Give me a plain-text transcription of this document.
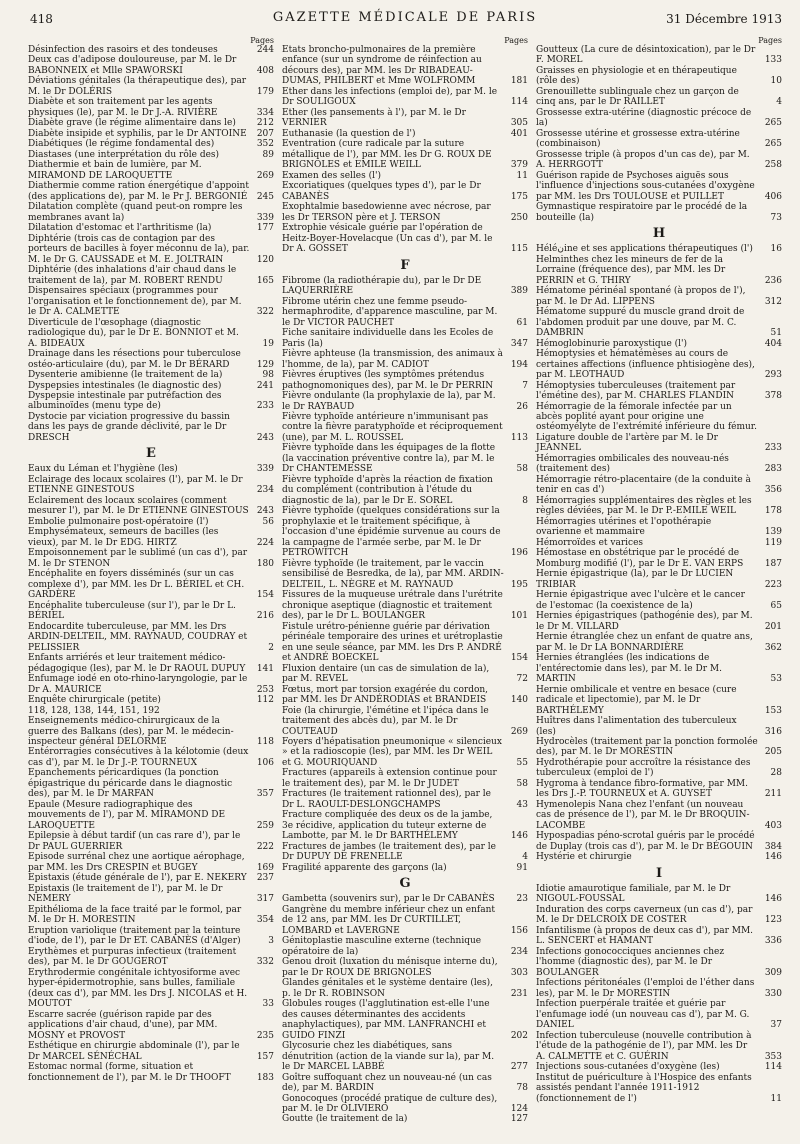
418	GAZETTE MÉDICALE DE PARIS	31 Décembre 1913
Pages
Désinfection des rasoirs et des tondeuses	244
Deux cas d'adipose douloureuse, par M. le Dr BABONNEIX et Mlle SPAWORSKI	408
Déviations génitales (la thérapeutique des), par M. le Dr DOLÉRIS	179
Diabète et son traitement par les agents physiques (le), par M. le Dr J.-A. RIVIÈRE	334
Diabète grave (le régime alimentaire dans le)	212
Diabète insipide et syphilis, par le Dr ANTOINE	207
Diabétiques (le régime fondamental des)	352
Diastases (une interprétation du rôle des)	89
Diathermie et bain de lumière, par M. MIRAMOND DE LAROQUETTE	269
Diathermie comme ration énergétique d'appoint (des applications de), par M. le Pr J. BERGONIÉ	245
Dilatation complète (quand peut-on rompre les membranes avant la)	339
Dilatation d'estomac et l'arthritisme (la)	177
Diphtérie (trois cas de contagion par des porteurs de bacilles à foyer méconnu de la), par. M. le Dr G. CAUSSADE et M. E. JOLTRAIN	120
Diphtérie (des inhalations d'air chaud dans le traitement de la), par M. ROBERT RENDU	165
Dispensaires spéciaux (programmes pour l'organisation et le fonctionnement de), par M. le Dr A. CALMETTE	322
Diverticule de l'œsophage (diagnostic radiologique du), par le Dr E. BONNIOT et M. A. BIDEAUX	19
Drainage dans les résections pour tuberculose ostéo-articulaire (du), par M. le Dr BÉRARD	129
Dysenterie amibienne (le traitement de la)	98
Dyspepsies intestinales (le diagnostic des)	241
Dyspepsie intestinale par putréfaction des albuminoïdes (menu type de)	233
Dystocie par viciation progressive du bassin dans les pays de grande déclivité, par le Dr DRESCH	243
E
Eaux du Léman et l'hygiène (les)	339
Eclairage des locaux scolaires (l'), par M. le Dr ETIENNE GINESTOUS	234
Eclairement des locaux scolaires (comment mesurer l'), par M. le Dr ETIENNE GINESTOUS 243
Embolie pulmonaire post-opératoire (l')	56
Emphysémateux, semeurs de bacilles (les vieux), par M. le Dr EDG. HIRTZ	224
Empoisonnement par le sublimé (un cas d'), par M. le Dr STENON	180
Encéphalite en foyers disséminés (sur un cas complexe d'), par MM. les Dr L. BÉRIEL et CH. GARDÈRE	154
Encéphalite tuberculeuse (sur l'), par le Dr L. BÉRIEL	216
Endocardite tuberculeuse, par MM. les Drs ARDIN-DELTEIL, MM. RAYNAUD, COUDRAY et PELISSIER	2
Enfants arriérés et leur traitement médico-pédagogique (les), par M. le Dr RAOUL DUPUY	141
Enfumage iodé en oto-rhino-laryngologie, par le Dr A. MAURICE	253
Enquête chirurgicale (petite)	112
118, 128, 138, 144, 151, 192
Enseignements médico-chirurgicaux de la guerre des Balkans (des), par M. le médecin-inspecteur général DELORME	118
Entérorragies consécutives à la kélotomie (deux cas d'), par M. le Dr J.-P. TOURNEUX	106
Epanchements péricardiques (la ponction épigastrique du péricarde dans le diagnostic des), par M. le Dr MARFAN	357
Epaule (Mesure radiographique des mouvements de l'), par M. MIRAMOND DE LAROQUETTE	259
Epilepsie à début tardif (un cas rare d'), par le Dr PAUL GUERRIER	222
Episode surrénal chez une aortique aérophage, par MM. les Drs CRESPIN et BUGEY	169
Epistaxis (étude générale de l'), par E. NEKERY	237
Epistaxis (le traitement de l'), par M. le Dr NEMERY	317
Epithélioma de la face traité par le formol, par M. le Dr H. MORESTIN	354
Eruption variolique (traitement par la teinture d'iode, de l'), par le Dr ET. CABANÈS (d'Alger)	3
Erythèmes et purpuras infectieux (traitement des), par M. le Dr GOUGEROT	332
Erythrodermie congénitale ichtyosiforme avec hyper-épidermotrophie, sans bulles, familiale (deux cas d'), par MM. les Drs J. NICOLAS et H. MOUTOT	33
Escarre sacrée (guérison rapide par des applications d'air chaud, d'une), par MM. MOSNY et PROVOST	235
Esthétique en chirurgie abdominale (l'), par le Dr MARCEL SÉNÉCHAL	157
Estomac normal (forme, situation et fonctionnement de l'), par M. le Dr THOOFT	183
Pages
Etats broncho-pulmonaires de la première enfance (sur un syndrome de réinfection au décours des), par MM. les Dr RIBADEAU-DUMAS, PHILBERT et Mme WOLFROMM	181
Ether dans les infections (emploi de), par M. le Dr SOULIGOUX	114
Ether (les pansements à l'), par M. le Dr VERNIER	305
Euthanasie (la question de l')	401
Eventration (cure radicale par la suture métallique de l'), par MM. les Dr G. ROUX DE BRIGNOLES et EMILE WEILL	379
Examen des selles (l')	11
Excoriatiques (quelques types d'), par le Dr CABANÈS	175
Exophtalmie basedowienne avec nécrose, par les Dr TERSON père et J. TERSON	250
Extrophie vésicale guérie par l'opération de Heitz-Boyer-Hovelacque (Un cas d'), par M. le Dr A. GOSSET	115
F
Fibrome (la radiothérapie du), par le Dr DE LAQUERRIÈRE	389
Fibrome utérin chez une femme pseudo-hermaphrodite, d'apparence masculine, par M. le Dr VICTOR PAUCHET	61
Fiche sanitaire individuelle dans les Ecoles de Paris (la)	347
Fièvre aphteuse (la transmission, des animaux à l'homme, de la), par M. CADIOT	194
Fièvres éruptives (les symptômes prétendus pathognomoniques des), par M. le Dr PERRIN	7
Fièvre ondulante (la prophylaxie de la), par M. le Dr RAYBAUD	26
Fièvre typhoïde antérieure n'immunisant pas contre la fièvre paratyphoïde et réciproquement (une), par M. L. ROUSSEL	113
Fièvre typhoïde dans les équipages de la flotte (la vaccination préventive contre la), par M. le Dr CHANTEMESSE	58
Fièvre typhoïde d'après la réaction de fixation du complément (contribution à l'étude du diagnostic de la), par le Dr E. SOREL	8
Fièvre typhoïde (quelques considérations sur la prophylaxie et le traitement spécifique, à l'occasion d'une épidémie survenue au cours de la campagne de l'armée serbe, par M. le Dr PETROWITCH	196
Fièvre typhoïde (le traitement, par le vaccin sensibilisé de Besredka, de la), par MM. ARDIN-DELTEIL, L. NÈGRE et M. RAYNAUD	195
Fissures de la muqueuse urétrale dans l'urétrite chronique aseptique (diagnostic et traitement des), par le Dr L. BOULANGER	101
Fistule urétro-pénienne guérie par dérivation périnéale temporaire des urines et urétroplastie en une seule séance, par MM. les Drs P. ANDRÉ et ANDRÉ BOECKEL	154
Fluxion dentaire (un cas de simulation de la), par M. REVEL	72
Fœtus, mort par torsion exagérée du cordon, par MM. les Dr ANDÉRODIAS et BRANDEIS	140
Foie (la chirurgie, l'émétine et l'ipéca dans le traitement des abcès du), par M. le Dr COUTEAUD	269
Foyers d'hépatisation pneumonique « silencieux » et la radioscopie (les), par MM. les Dr WEIL et G. MOURIQUAND	55
Fractures (appareils à extension continue pour le traitement des), par M. le Dr JUDET	58
Fractures (le traitement rationnel des), par le Dr L. RAOULT-DESLONGCHAMPS	43
Fracture compliquée des deux os de la jambe, 3e récidive, application du tuteur externe de Lambotte, par M. le Dr BARTHÉLEMY	146
Fractures de jambes (le traitement des), par le Dr DUPUY DE FRENELLE	4
Fragilité apparente des garçons (la)	91
G
Gambetta (souvenirs sur), par le Dr CABANÈS	23
Gangrène du membre inférieur chez un enfant de 12 ans, par MM. les Dr CURTILLET, LOMBARD et LAVERGNE	156
Génitoplastie masculine externe (technique opératoire de la)	234
Genou droit (luxation du ménisque interne du), par le Dr ROUX DE BRIGNOLES	303
Glandes génitales et le système dentaire (les), p. le Dr R. ROBINSON	231
Globules rouges (l'agglutination est-elle l'une des causes déterminantes des accidents anaphylactiques), par MM. LANFRANCHI et GUIDO FINZI	202
Glycosurie chez les diabétiques, sans dénutrition (action de la viande sur la), par M. le Dr MARCEL LABBÉ	277
Goître suffoquant chez un nouveau-né (un cas de), par M. BARDIN	78
Gonocoques (procédé pratique de culture des), par M. le Dr OLIVIERO	124
Goutte (le traitement de la)	127
Pages
Goutteux (La cure de désintoxication), par le Dr F. MOREL	133
Graisses en physiologie et en thérapeutique (rôle des)	10
Grenouillette sublinguale chez un garçon de cinq ans, par le Dr RAILLET	4
Grossesse extra-utérine (diagnostic précoce de la)	265
Grossesse utérine et grossesse extra-utérine (combinaison)	265
Grossesse triple (à propos d'un cas de), par M. A. HERRGOTT	258
Guérison rapide de Psychoses aiguës sous l'influence d'injections sous-cutanées d'oxygène par MM. les Drs TOULOUSE et PUILLET	406
Gymnastique respiratoire par le procédé de la bouteille (la)	73
H
Héléنine et ses applications thérapeutiques (l')	16
Helminthes chez les mineurs de fer de la Lorraine (fréquence des), par MM. les Dr PERRIN et G. THIRY	236
Hématome périnéal spontané (à propos de l'), par M. le Dr Ad. LIPPENS	312
Hématome suppuré du muscle grand droit de l'abdomen produit par une douve, par M. C. DAMBRIN	51
Hémoglobinurie paroxystique (l')	404
Hémoptysies et hématémèses au cours de certaines affections (influence phtisiogène des), par M. LEOTHAUD	293
Hémoptysies tuberculeuses (traitement par l'émétine des), par M. CHARLES FLANDIN	378
Hémorragie de la fémorale infectée par un abcès poplité ayant pour origine une ostéomyélyte de l'extrémité inférieure du fémur. Ligature double de l'artère par M. le Dr JEANNEL	233
Hémorragies ombilicales des nouveau-nés (traitement des)	283
Hémorragie rétro-placentaire (de la conduite à tenir en cas d')	356
Hémorragies supplémentaires des règles et les règles déviées, par M. le Dr P.-EMILE WEIL	178
Hémorragies utérines et l'opothérapie ovarienne et mammaire	139
Hémorroïdes et varices	119
Hémostase en obstétrique par le procédé de Momburg modifié (l'), par le Dr E. VAN ERPS	187
Hernie épigastrique (la), par le Dr LUCIEN TRIBIAR	223
Hernie épigastrique avec l'ulcère et le cancer de l'estomac (la coexistence de la)	65
Hernies épigastriques (pathogénie des), par M. le Dr M. VILLARD	201
Hernie étranglée chez un enfant de quatre ans, par M. le Dr LA BONNARDIÈRE	362
Hernies étranglées (les indications de l'entérectomie dans les), par M. le Dr M. MARTIN	53
Hernie ombilicale et ventre en besace (cure radicale et lipectomie), par M. le Dr BARTHÉLEMY	153
Huîtres dans l'alimentation des tuberculeux (les)	316
Hydrocèles (traitement par la ponction formolée des), par M. le Dr MORESTIN	205
Hydrothérapie pour accroître la résistance des tuberculeux (emploi de l')	28
Hygroma à tendance fibro-formative, par MM. les Drs J.-P. TOURNEUX et A. GUYSET	211
Hymenolepis Nana chez l'enfant (un nouveau cas de présence de l'), par M. le Dr BROQUIN-LACOMBE	403
Hypospadias péno-scrotal guéris par le procédé de Duplay (trois cas d'), par M. le Dr BÉGOUIN	384
Hystérie et chirurgie	146
I
Idiotie amaurotique familiale, par M. le Dr NIGOUL-FOUSSAL	146
Induration des corps caverneux (un cas d'), par M. le Dr DELCROIX DE COSTER	123
Infantilisme (à propos de deux cas d'), par MM. L. SENCERT et HAMANT	336
Infections gonococciques anciennes chez l'homme (diagnostic des), par M. le Dr BOULANGER	309
Infections péritonéales (l'emploi de l'éther dans les), par M. le Dr MORESTIN	330
Infection puerpérale traitée et guérie par l'enfumage iodé (un nouveau cas d'), par M. G. DANIEL	37
Infection tuberculeuse (nouvelle contribution à l'étude de la pathogénie de l'), par MM. les Dr A. CALMETTE et C. GUÉRIN	353
Injections sous-cutanées d'oxygène (les)	114
Institut de puériculture à l'Hospice des enfants assistés pendant l'année 1911-1912 (fonctionnement de l')	11
